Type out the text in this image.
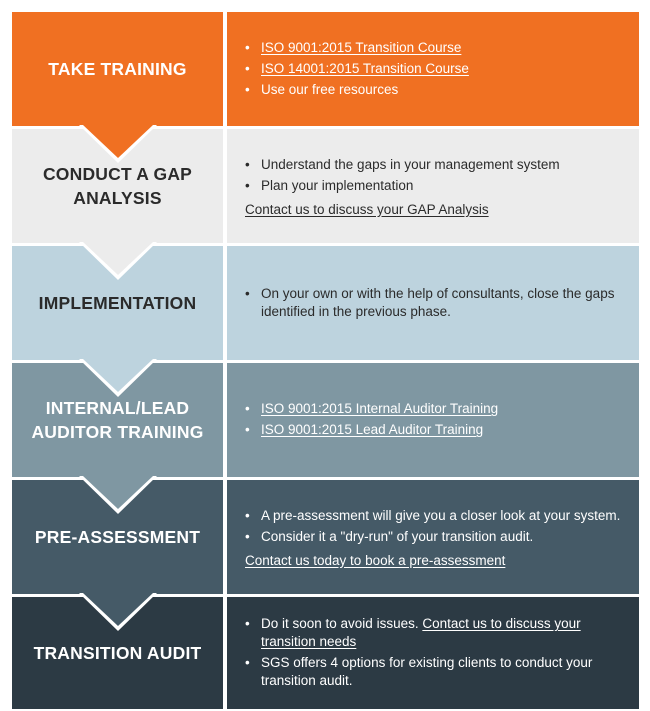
TAKE TRAINING
• ISO 9001:2015 Transition Course
• ISO 14001:2015 Transition Course
• Use our free resources
CONDUCT A GAP
ANALYSIS
• Understand the gaps in your management system
• Plan your implementation
Contact us to discuss your GAP Analysis
IMPLEMENTATION	• On your own or with the help of consultants, close the gaps identified in the previous phase.
INTERNAL/LEAD
AUDITOR TRAINING
• ISO 9001:2015 Internal Auditor Training
• ISO 9001:2015 Lead Auditor Training
PRE-ASSESSMENT
• A pre-assessment will give you a closer look at your system.
• Consider it a "dry-run" of your transition audit.
Contact us today to book a pre-assessment
TRANSITION AUDIT
• Do it soon to avoid issues. Contact us to discuss your transition needs
• SGS offers 4 options for existing clients to conduct your transition audit.
